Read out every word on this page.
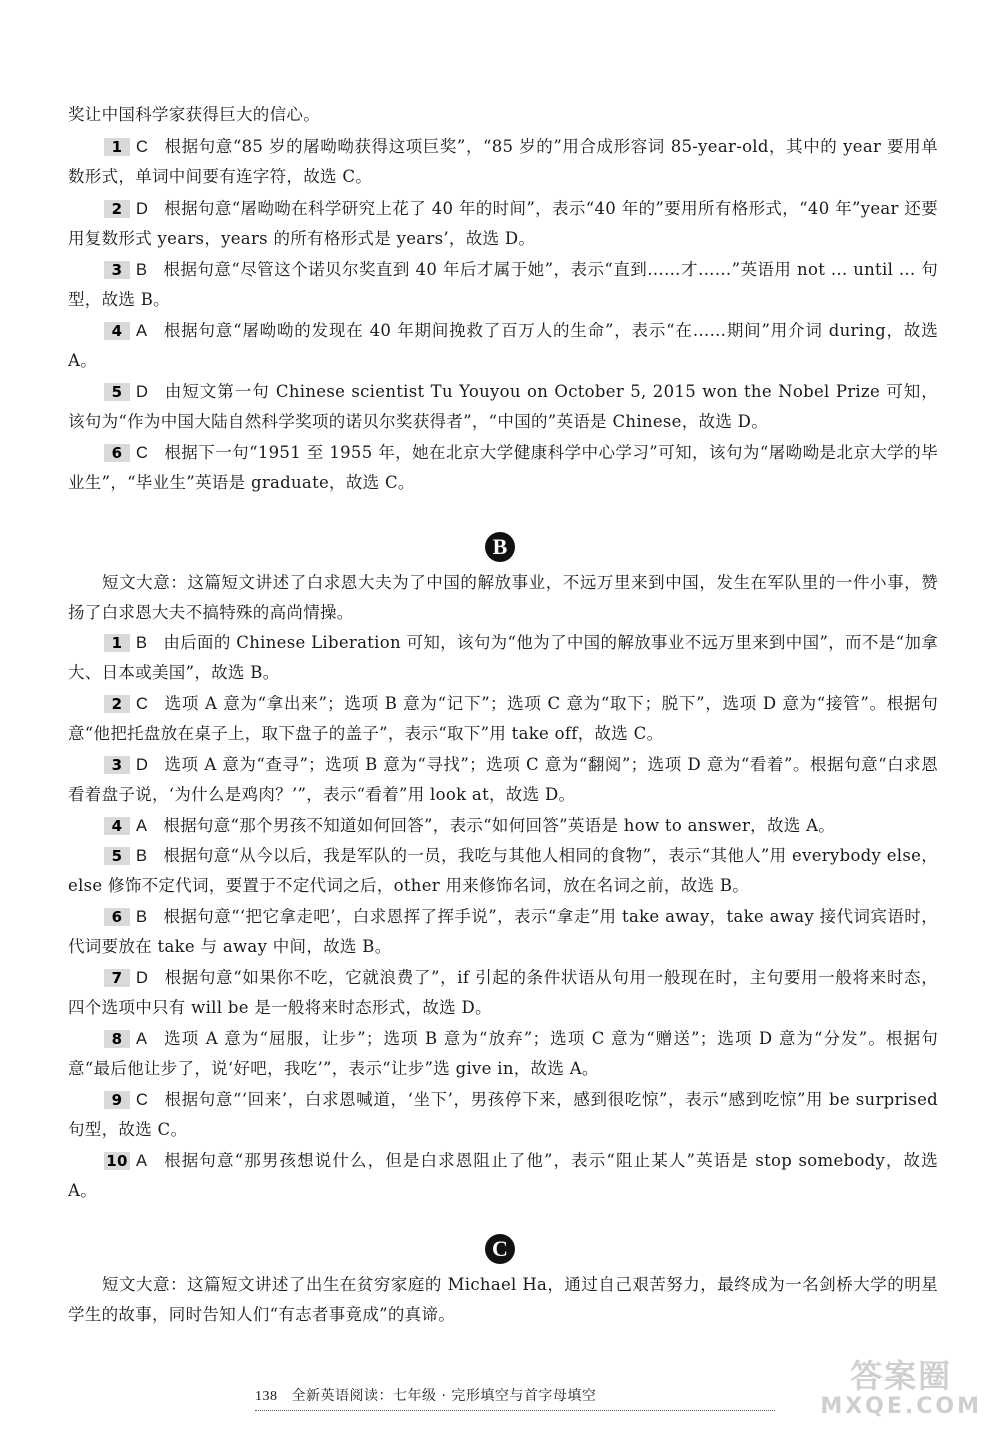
奖让中国科学家获得巨大的信心。
1 C 根据句意“85 岁的屠呦呦获得这项巨奖”，“85 岁的”用合成形容词 85-year-old，其中的 year 要用单数形式，单词中间要有连字符，故选 C。
2 D 根据句意“屠呦呦在科学研究上花了 40 年的时间”，表示“40 年的”要用所有格形式，“40 年”year 还要用复数形式 years，years 的所有格形式是 years’，故选 D。
3 B 根据句意“尽管这个诺贝尔奖直到 40 年后才属于她”，表示“直到……才……”英语用 not ... until ... 句型，故选 B。
4 A 根据句意“屠呦呦的发现在 40 年期间挽救了百万人的生命”，表示“在……期间”用介词 during，故选 A。
5 D 由短文第一句 Chinese scientist Tu Youyou on October 5, 2015 won the Nobel Prize 可知，该句为“作为中国大陆自然科学奖项的诺贝尔奖获得者”，“中国的”英语是 Chinese，故选 D。
6 C 根据下一句“1951 至 1955 年，她在北京大学健康科学中心学习”可知，该句为“屠呦呦是北京大学的毕业生”，“毕业生”英语是 graduate，故选 C。
B
短文大意：这篇短文讲述了白求恩大夫为了中国的解放事业，不远万里来到中国，发生在军队里的一件小事，赞扬了白求恩大夫不搞特殊的高尚情操。
1 B 由后面的 Chinese Liberation 可知，该句为“他为了中国的解放事业不远万里来到中国”，而不是“加拿大、日本或美国”，故选 B。
2 C 选项 A 意为“拿出来”；选项 B 意为“记下”；选项 C 意为“取下；脱下”，选项 D 意为“接管”。根据句意“他把托盘放在桌子上，取下盘子的盖子”，表示“取下”用 take off，故选 C。
3 D 选项 A 意为“查寻”；选项 B 意为“寻找”；选项 C 意为“翻阅”；选项 D 意为“看着”。根据句意“白求恩看着盘子说，‘为什么是鸡肉？’”，表示“看着”用 look at，故选 D。
4 A 根据句意“那个男孩不知道如何回答”，表示“如何回答”英语是 how to answer，故选 A。
5 B 根据句意“从今以后，我是军队的一员，我吃与其他人相同的食物”，表示“其他人”用 everybody else，else 修饰不定代词，要置于不定代词之后，other 用来修饰名词，放在名词之前，故选 B。
6 B 根据句意“‘把它拿走吧’，白求恩挥了挥手说”，表示“拿走”用 take away，take away 接代词宾语时，代词要放在 take 与 away 中间，故选 B。
7 D 根据句意“如果你不吃，它就浪费了”，if 引起的条件状语从句用一般现在时，主句要用一般将来时态，四个选项中只有 will be 是一般将来时态形式，故选 D。
8 A 选项 A 意为“屈服，让步”；选项 B 意为“放弃”；选项 C 意为“赠送”；选项 D 意为“分发”。根据句意“最后他让步了，说‘好吧，我吃’”，表示“让步”选 give in，故选 A。
9 C 根据句意“‘回来’，白求恩喊道，‘坐下’，男孩停下来，感到很吃惊”，表示“感到吃惊”用 be surprised 句型，故选 C。
10 A 根据句意“那男孩想说什么，但是白求恩阻止了他”，表示“阻止某人”英语是 stop somebody，故选 A。
C
短文大意：这篇短文讲述了出生在贫穷家庭的 Michael Ha，通过自己艰苦努力，最终成为一名剑桥大学的明星学生的故事，同时告知人们“有志者事竟成”的真谛。
138 全新英语阅读：七年级 · 完形填空与首字母填空
答案圈
MXQE.COM
